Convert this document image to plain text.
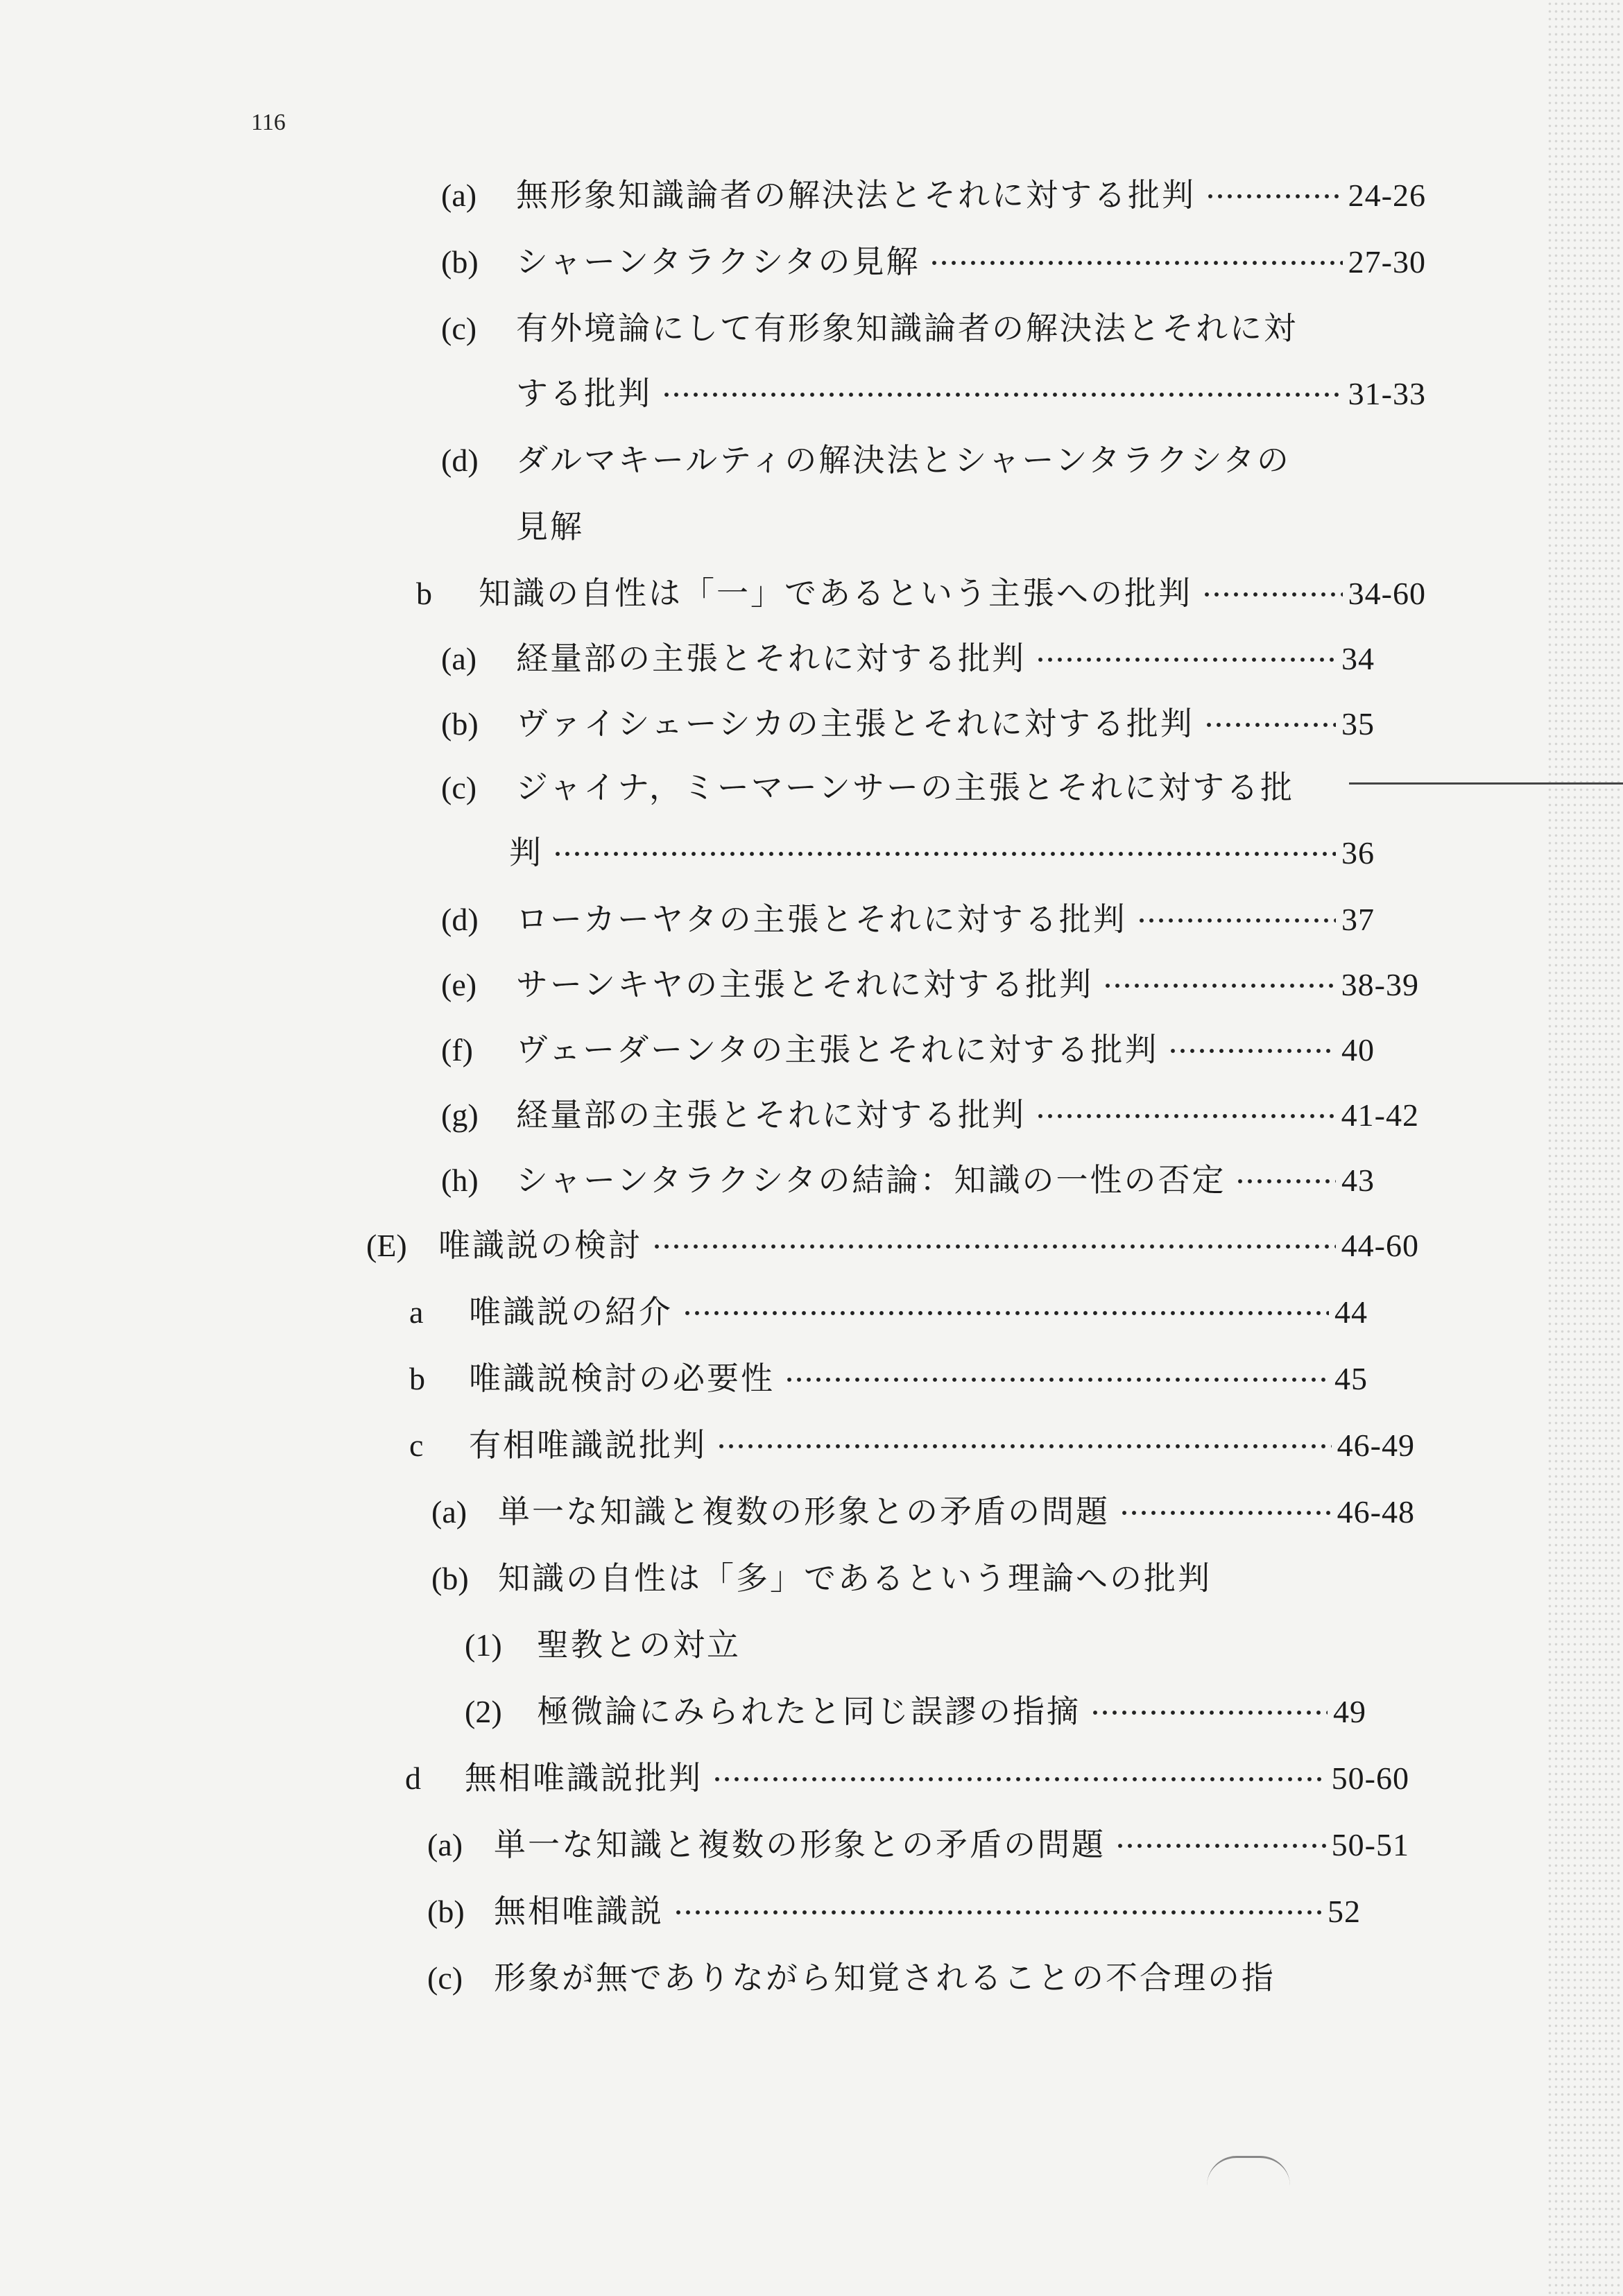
116
(a)	無形象知識論者の解決法とそれに対する批判	24-26
(b)	シャーンタラクシタの見解	27-30
(c)	有外境論にして有形象知識論者の解決法とそれに対
する批判	31-33
(d)	ダルマキールティの解決法とシャーンタラクシタの
見解
b	知識の自性は「一」であるという主張への批判	34-60
(a)	経量部の主張とそれに対する批判	34
(b)	ヴァイシェーシカの主張とそれに対する批判	35
(c)	ジャイナ，ミーマーンサーの主張とそれに対する批
判	36
(d)	ローカーヤタの主張とそれに対する批判	37
(e)	サーンキヤの主張とそれに対する批判	38-39
(f)	ヴェーダーンタの主張とそれに対する批判	40
(g)	経量部の主張とそれに対する批判	41-42
(h)	シャーンタラクシタの結論：知識の一性の否定	43
(E) 唯識説の検討	44-60
a	唯識説の紹介	44
b	唯識説検討の必要性	45
c	有相唯識説批判	46-49
(a) 単一な知識と複数の形象との矛盾の問題	46-48
(b) 知識の自性は「多」であるという理論への批判
(1)	聖教との対立
(2)	極微論にみられたと同じ誤謬の指摘	49
d	無相唯識説批判	50-60
(a) 単一な知識と複数の形象との矛盾の問題	50-51
(b) 無相唯識説	52
(c) 形象が無でありながら知覚されることの不合理の指
